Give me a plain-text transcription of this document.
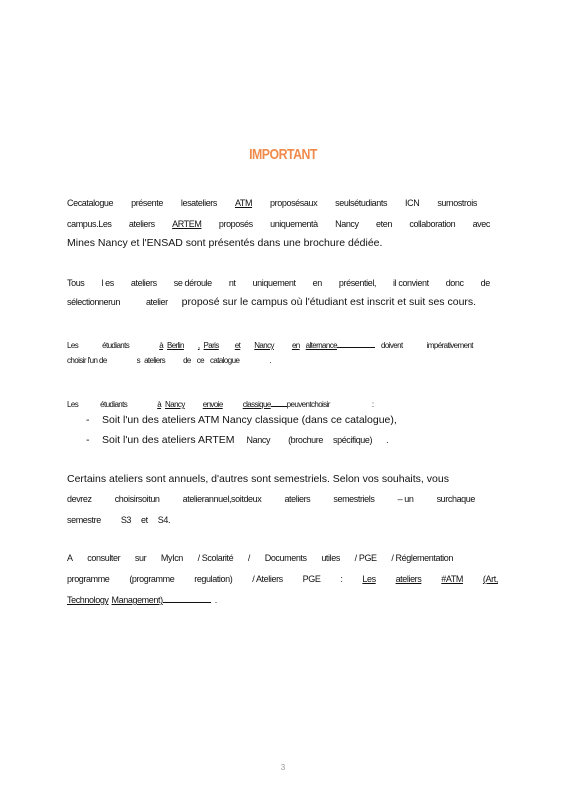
IMPORTANT
Cecatalogue présente lesateliers ATM proposésaux seulsétudiants ICN surnostrois
campus.Les ateliers ARTEM proposés uniquementà Nancy eten collaboration avec
Mines Nancy et l'ENSAD sont présentés dans une brochure dédiée.
Tous l es ateliers se déroule nt uniquement en présentiel, il convient donc de
sélectionnerun	atelier proposé sur le campus où l'étudiant est inscrit et suit ses cours.
Les	étudiants	à Berlin , Paris et Nancy en alternance	doivent	impérativement
choisir l'un de	s ateliers de ce catalogue	.
Les	étudiants	à Nancy envoie	classique peuventchoisir	:
- Soit l'un des ateliers ATM Nancy classique (dans ce catalogue),
- Soit l'un des ateliers ARTEM Nancy (brochure spécifique) .
Certains ateliers sont annuels, d'autres sont semestriels. Selon vos souhaits, vous
devrez	choisirsoitun	atelierannuel,soitdeux	ateliers	semestriels	– un	surchaque
semestre S3 et S4.
A consulter sur MyIcn / Scolarité / Documents utiles / PGE / Réglementation
programme (programme regulation) / Ateliers PGE : Les ateliers #ATM (Art,
Technology Management)	.
3
